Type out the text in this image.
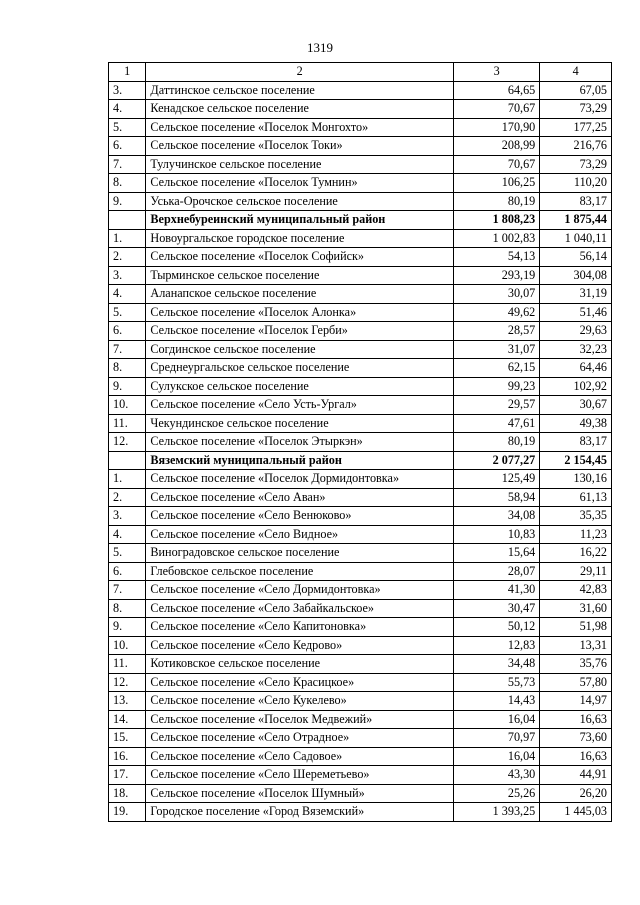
1319
1	2	3	4
3.	Даттинское сельское поселение	64,65	67,05
4.	Кенадское сельское поселение	70,67	73,29
5.	Сельское поселение «Поселок Монгохто»	170,90	177,25
6.	Сельское поселение «Поселок Токи»	208,99	216,76
7.	Тулучинское сельское поселение	70,67	73,29
8.	Сельское поселение «Поселок Тумнин»	106,25	110,20
9.	Уська-Орочское сельское поселение	80,19	83,17
	Верхнебуреинский муниципальный район	1 808,23	1 875,44
1.	Новоургальское городское поселение	1 002,83	1 040,11
2.	Сельское поселение «Поселок Софийск»	54,13	56,14
3.	Тырминское сельское поселение	293,19	304,08
4.	Аланапское сельское поселение	30,07	31,19
5.	Сельское поселение «Поселок Алонка»	49,62	51,46
6.	Сельское поселение «Поселок Герби»	28,57	29,63
7.	Согдинское сельское поселение	31,07	32,23
8.	Среднеургальское сельское поселение	62,15	64,46
9.	Сулукское сельское поселение	99,23	102,92
10.	Сельское поселение «Село Усть-Ургал»	29,57	30,67
11.	Чекундинское сельское поселение	47,61	49,38
12.	Сельское поселение «Поселок Этыркэн»	80,19	83,17
	Вяземский муниципальный район	2 077,27	2 154,45
1.	Сельское поселение «Поселок Дормидонтовка»	125,49	130,16
2.	Сельское поселение «Село Аван»	58,94	61,13
3.	Сельское поселение «Село Венюково»	34,08	35,35
4.	Сельское поселение «Село Видное»	10,83	11,23
5.	Виноградовское сельское поселение	15,64	16,22
6.	Глебовское сельское поселение	28,07	29,11
7.	Сельское поселение «Село Дормидонтовка»	41,30	42,83
8.	Сельское поселение «Село Забайкальское»	30,47	31,60
9.	Сельское поселение «Село Капитоновка»	50,12	51,98
10.	Сельское поселение «Село Кедрово»	12,83	13,31
11.	Котиковское сельское поселение	34,48	35,76
12.	Сельское поселение «Село Красицкое»	55,73	57,80
13.	Сельское поселение «Село Кукелево»	14,43	14,97
14.	Сельское поселение «Поселок Медвежий»	16,04	16,63
15.	Сельское поселение «Село Отрадное»	70,97	73,60
16.	Сельское поселение «Село Садовое»	16,04	16,63
17.	Сельское поселение «Село Шереметьево»	43,30	44,91
18.	Сельское поселение «Поселок Шумный»	25,26	26,20
19.	Городское поселение «Город Вяземский»	1 393,25	1 445,03
